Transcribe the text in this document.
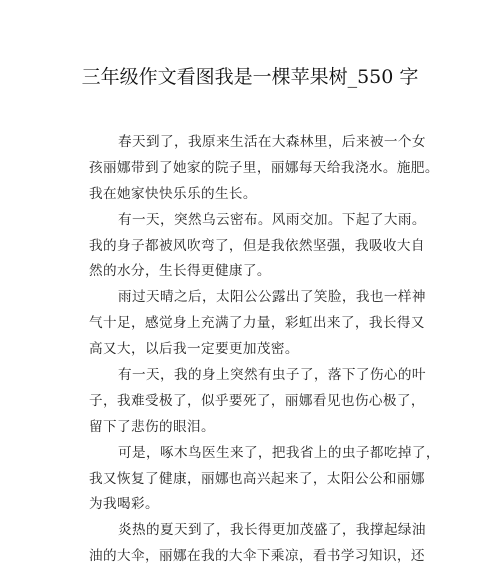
三年级作文看图我是一棵苹果树_550 字
春天到了，我原来生活在大森林里，后来被一个女
孩丽娜带到了她家的院子里，丽娜每天给我浇水。施肥。
我在她家快快乐乐的生长。
有一天，突然乌云密布。风雨交加。下起了大雨。
我的身子都被风吹弯了，但是我依然坚强，我吸收大自
然的水分，生长得更健康了。
雨过天晴之后，太阳公公露出了笑脸，我也一样神
气十足，感觉身上充满了力量，彩虹出来了，我长得又
高又大，以后我一定要更加茂密。
有一天，我的身上突然有虫子了，落下了伤心的叶
子，我难受极了，似乎要死了，丽娜看见也伤心极了，
留下了悲伤的眼泪。
可是，啄木鸟医生来了，把我省上的虫子都吃掉了，
我又恢复了健康，丽娜也高兴起来了，太阳公公和丽娜
为我喝彩。
炎热的夏天到了，我长得更加茂盛了，我撑起绿油
油的大伞，丽娜在我的大伞下乘凉，看书学习知识，还
